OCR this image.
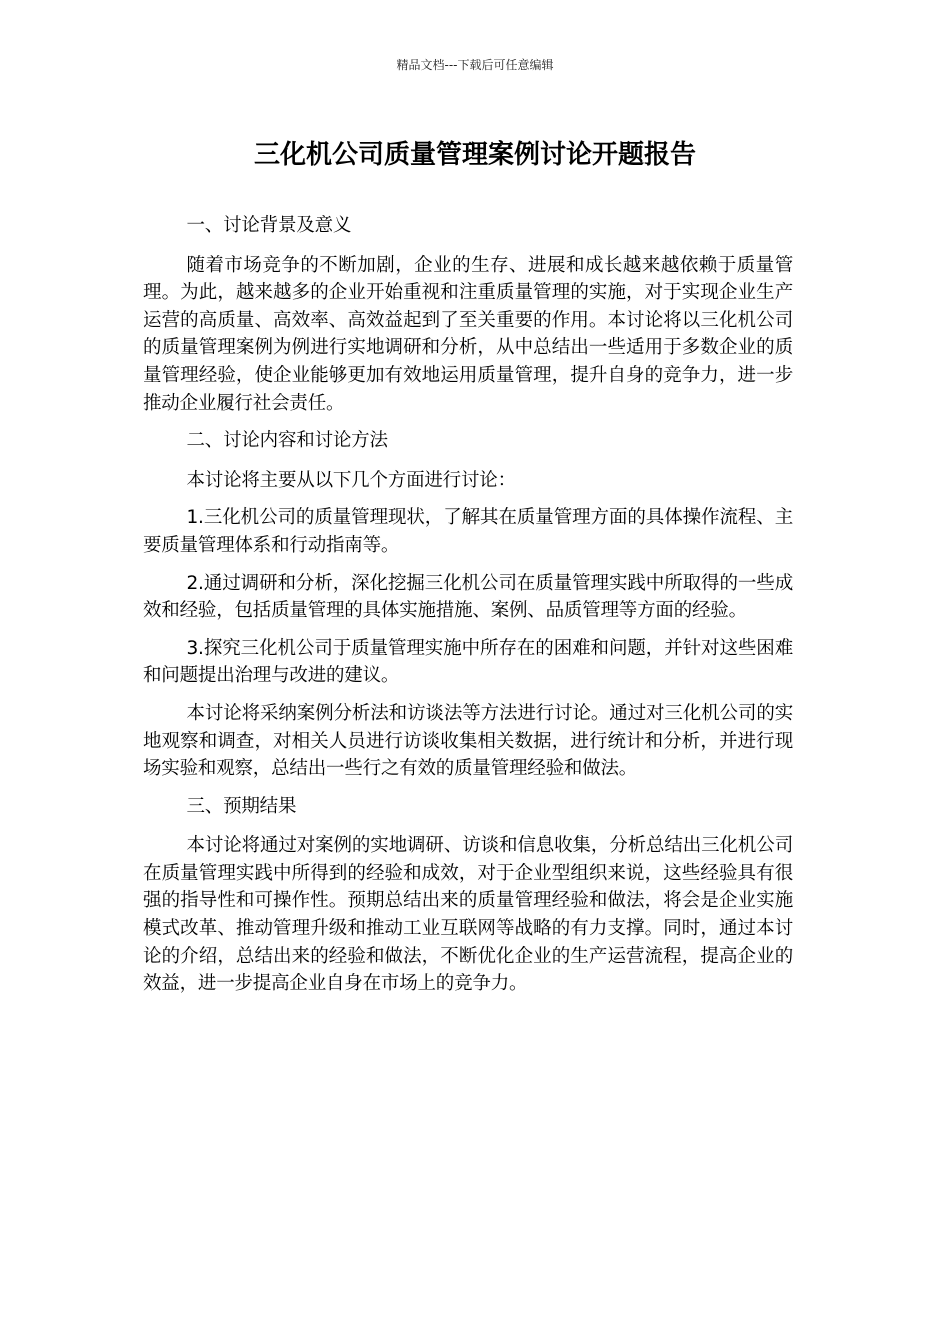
精品文档---下载后可任意编辑
三化机公司质量管理案例讨论开题报告

一、讨论背景及意义

随着市场竞争的不断加剧，企业的生存、进展和成长越来越依赖于质量管理。为此，越来越多的企业开始重视和注重质量管理的实施，对于实现企业生产运营的高质量、高效率、高效益起到了至关重要的作用。本讨论将以三化机公司的质量管理案例为例进行实地调研和分析，从中总结出一些适用于多数企业的质量管理经验，使企业能够更加有效地运用质量管理，提升自身的竞争力，进一步推动企业履行社会责任。

二、讨论内容和讨论方法

本讨论将主要从以下几个方面进行讨论：

1.三化机公司的质量管理现状，了解其在质量管理方面的具体操作流程、主要质量管理体系和行动指南等。

2.通过调研和分析，深化挖掘三化机公司在质量管理实践中所取得的一些成效和经验，包括质量管理的具体实施措施、案例、品质管理等方面的经验。

3.探究三化机公司于质量管理实施中所存在的困难和问题，并针对这些困难和问题提出治理与改进的建议。

本讨论将采纳案例分析法和访谈法等方法进行讨论。通过对三化机公司的实地观察和调查，对相关人员进行访谈收集相关数据，进行统计和分析，并进行现场实验和观察，总结出一些行之有效的质量管理经验和做法。

三、预期结果

本讨论将通过对案例的实地调研、访谈和信息收集，分析总结出三化机公司在质量管理实践中所得到的经验和成效，对于企业型组织来说，这些经验具有很强的指导性和可操作性。预期总结出来的质量管理经验和做法，将会是企业实施模式改革、推动管理升级和推动工业互联网等战略的有力支撑。同时，通过本讨论的介绍，总结出来的经验和做法，不断优化企业的生产运营流程，提高企业的效益，进一步提高企业自身在市场上的竞争力。
